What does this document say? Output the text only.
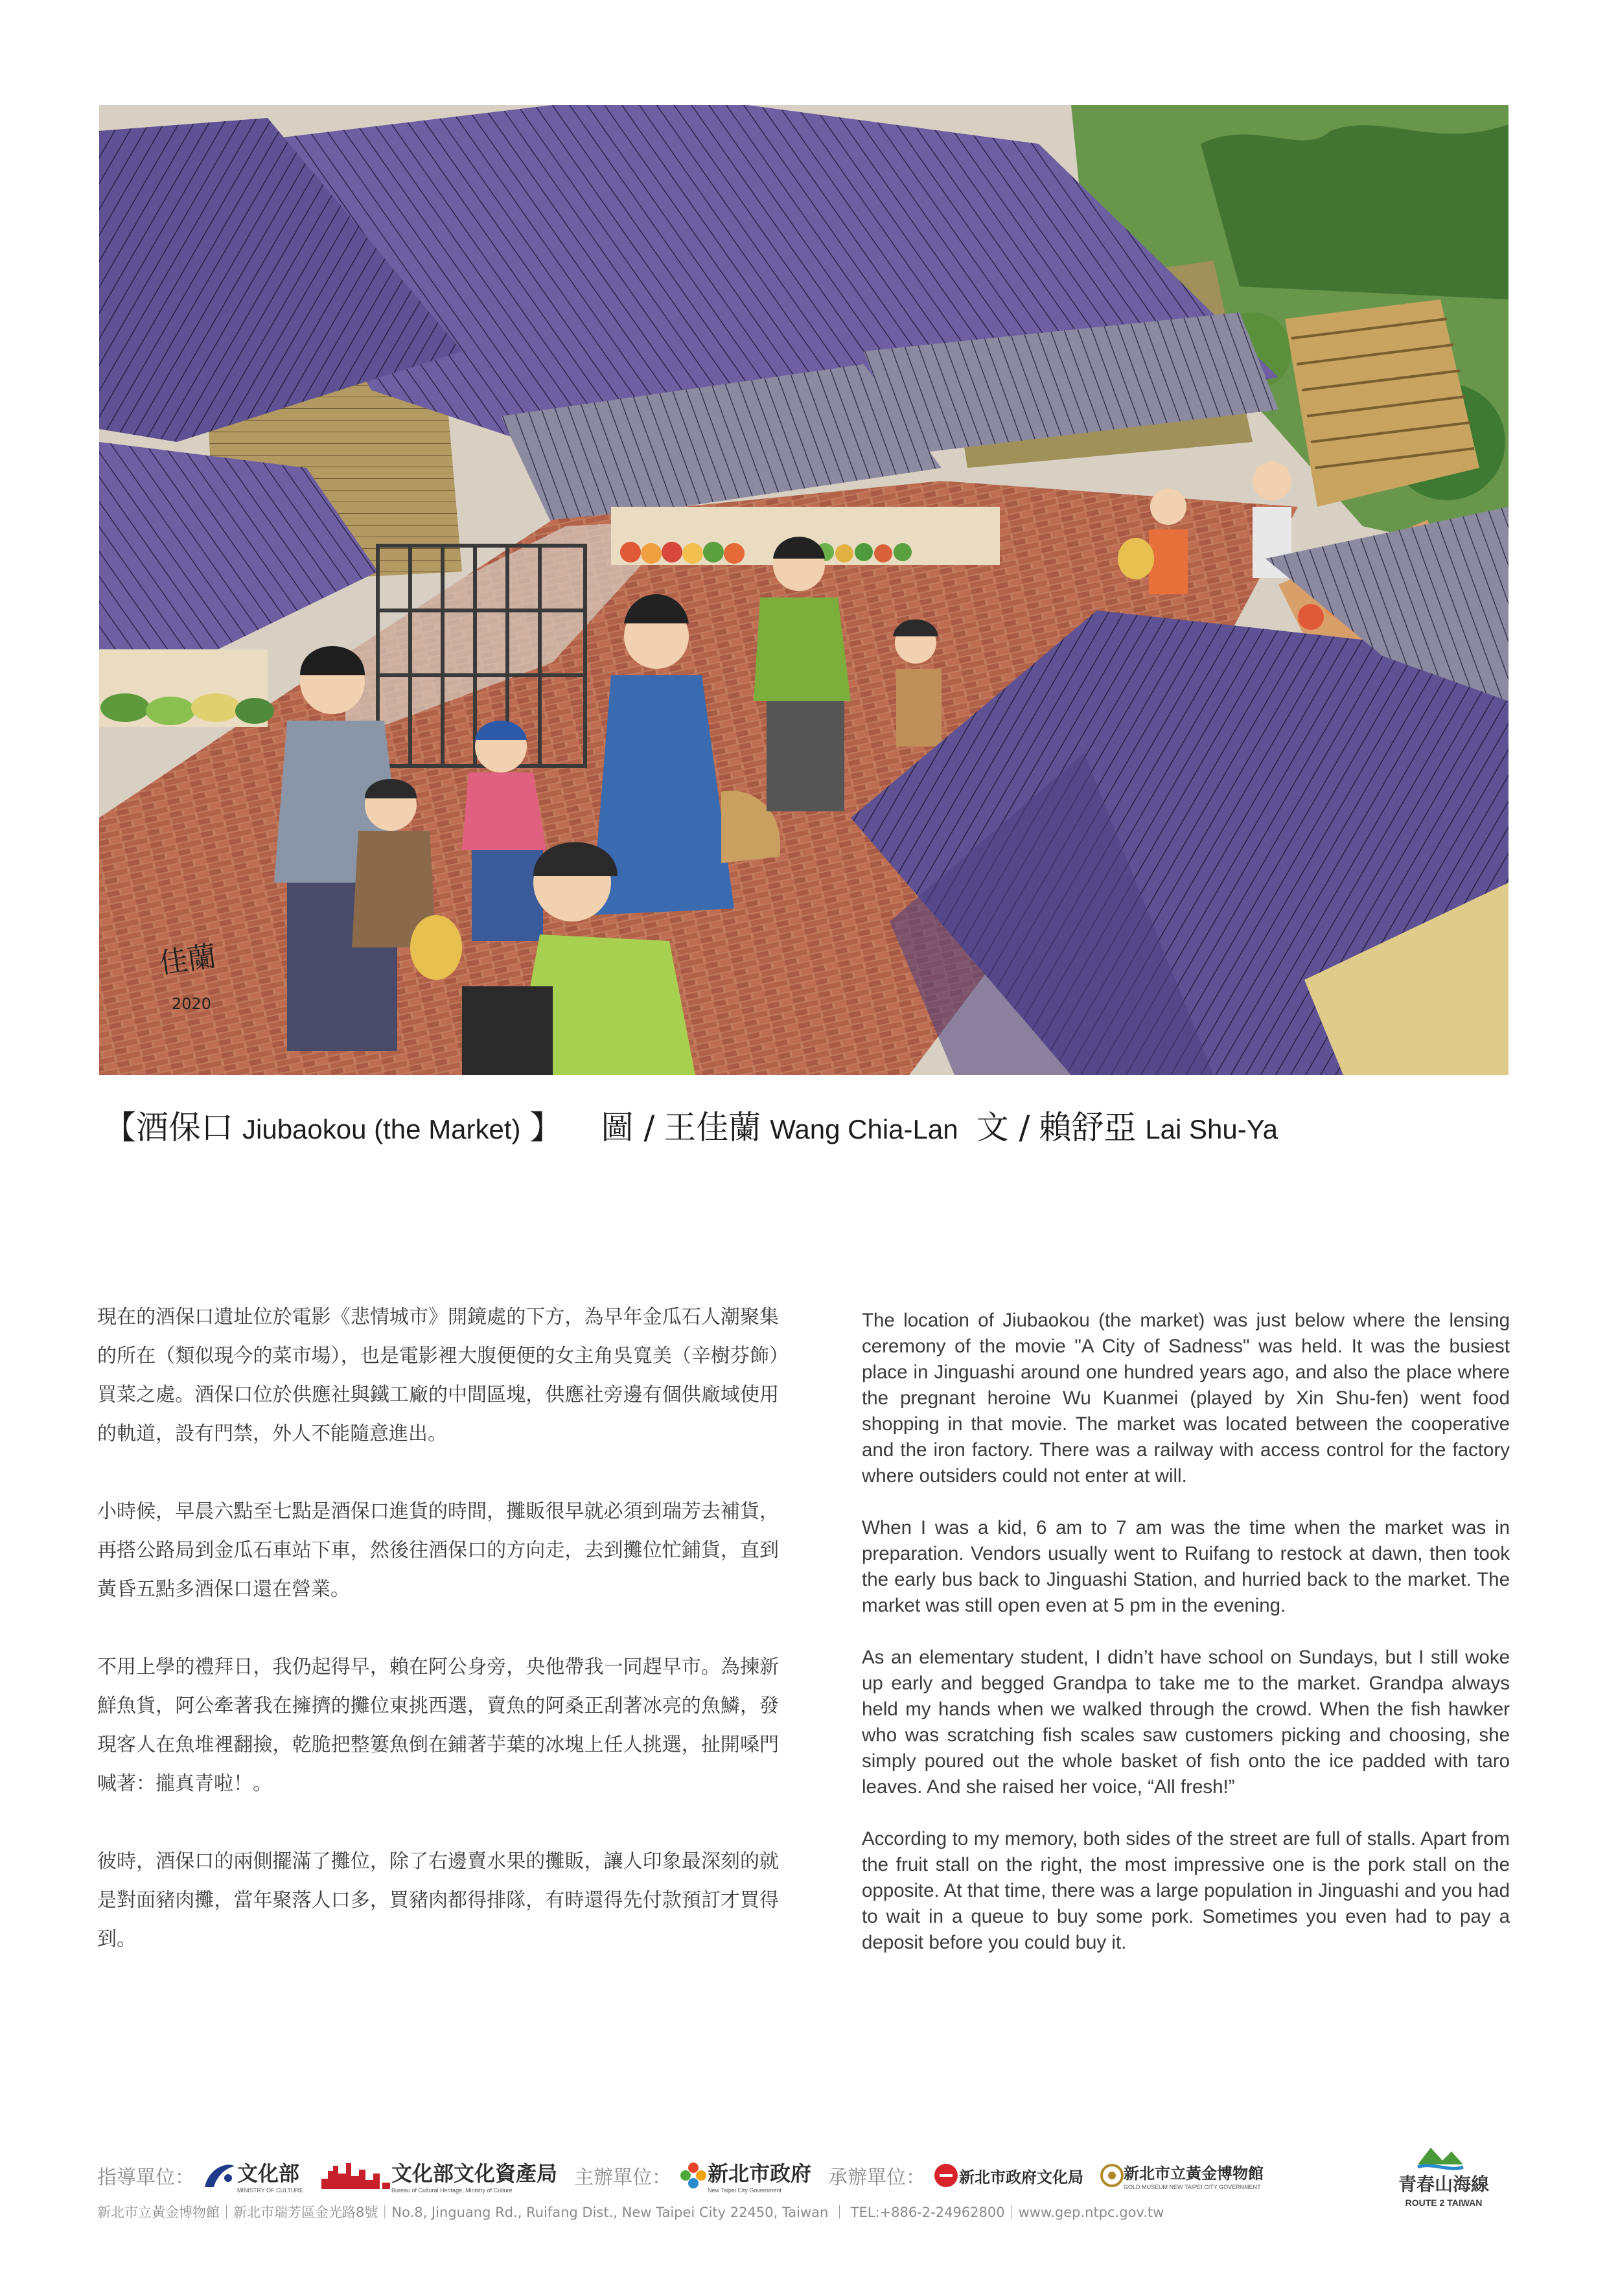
佳蘭
2020
【 酒保口 Jiubaokou (the Market) 】 圖 / 王佳蘭 Wang Chia-Lan 文 / 賴舒亞 Lai Shu-Ya

現在的酒保口遺址位於電影《悲情城市》開鏡處的下方，為早年金瓜石人潮聚集的所在（類似現今的菜市場），也是電影裡大腹便便的女主角吳寬美（辛樹芬飾）買菜之處。酒保口位於供應社與鐵工廠的中間區塊，供應社旁邊有個供廠域使用的軌道，設有門禁，外人不能隨意進出。

小時候，早晨六點至七點是酒保口進貨的時間，攤販很早就必須到瑞芳去補貨，再搭公路局到金瓜石車站下車，然後往酒保口的方向走，去到攤位忙鋪貨，直到黃昏五點多酒保口還在營業。

不用上學的禮拜日，我仍起得早，賴在阿公身旁，央他帶我一同趕早市。為揀新鮮魚貨，阿公牽著我在擁擠的攤位東挑西選，賣魚的阿桑正刮著冰亮的魚鱗，發現客人在魚堆裡翻撿，乾脆把整簍魚倒在鋪著芋葉的冰塊上任人挑選，扯開嗓門喊著：攏真青啦！。

彼時，酒保口的兩側擺滿了攤位，除了右邊賣水果的攤販，讓人印象最深刻的就是對面豬肉攤，當年聚落人口多，買豬肉都得排隊，有時還得先付款預訂才買得到。

The location of Jiubaokou (the market) was just below where the lensing ceremony of the movie "A City of Sadness" was held. It was the busiest place in Jinguashi around one hundred years ago, and also the place where the pregnant heroine Wu Kuanmei (played by Xin Shu-fen) went food shopping in that movie. The market was located between the cooperative and the iron factory. There was a railway with access control for the factory where outsiders could not enter at will.

When I was a kid, 6 am to 7 am was the time when the market was in preparation. Vendors usually went to Ruifang to restock at dawn, then took the early bus back to Jinguashi Station, and hurried back to the market. The market was still open even at 5 pm in the evening.

As an elementary student, I didn’t have school on Sundays, but I still woke up early and begged Grandpa to take me to the market. Grandpa always held my hands when we walked through the crowd. When the fish hawker who was scratching fish scales saw customers picking and choosing, she simply poured out the whole basket of fish onto the ice padded with taro leaves. And she raised her voice, “All fresh!”

According to my memory, both sides of the street are full of stalls. Apart from the fruit stall on the right, the most impressive one is the pork stall on the opposite. At that time, there was a large population in Jinguashi and you had to wait in a queue to buy some pork. Sometimes you even had to pay a deposit before you could buy it.

指導單位： 文化部
MINISTRY OF CULTURE
文化部文化資產局
Bureau of Cultural Heritage, Ministry of Culture
主辦單位： 新北市政府
New Taipei City Government
承辦單位： 新北市政府文化局	新北市立黃金博物館
GOLD MUSEUM NEW TAIPEI CITY GOVERNMENT
新北市立黃金博物館｜新北市瑞芳區金光路8號｜No.8, Jinguang Rd., Ruifang Dist., New Taipei City 22450, Taiwan ｜ TEL:+886-2-24962800｜www.gep.ntpc.gov.tw
青春山海線
ROUTE 2 TAIWAN
